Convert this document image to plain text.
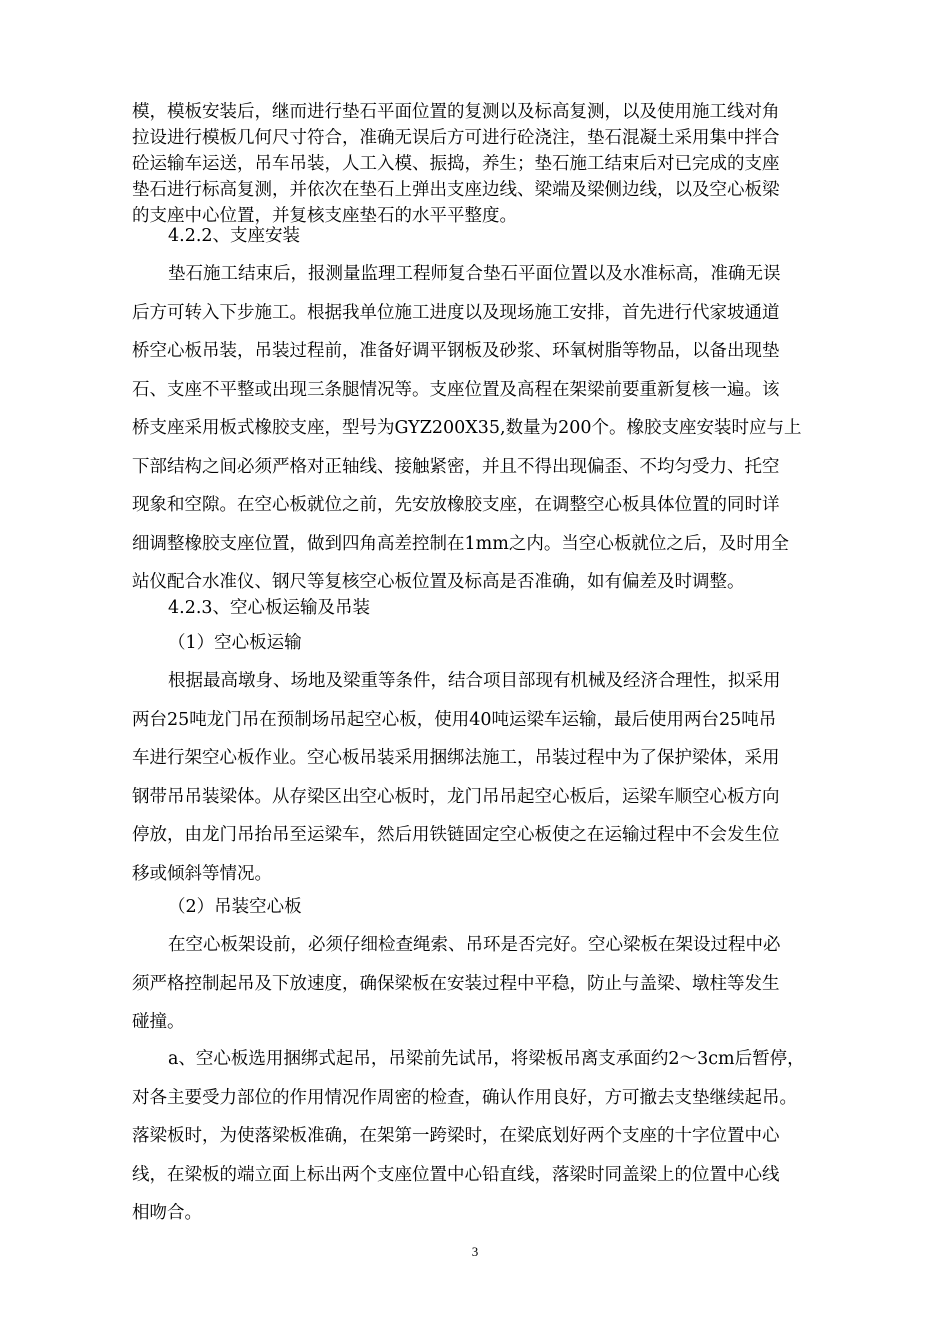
模，模板安装后，继而进行垫石平面位置的复测以及标高复测，以及使用施工线对角
拉设进行模板几何尺寸符合，准确无误后方可进行砼浇注，垫石混凝土采用集中拌合
砼运输车运送，吊车吊装，人工入模、振捣，养生；垫石施工结束后对已完成的支座
垫石进行标高复测，并依次在垫石上弹出支座边线、梁端及梁侧边线，以及空心板梁
的支座中心位置，并复核支座垫石的水平平整度。
4.2.2、支座安装
垫石施工结束后，报测量监理工程师复合垫石平面位置以及水准标高，准确无误
后方可转入下步施工。根据我单位施工进度以及现场施工安排，首先进行代家坡通道
桥空心板吊装，吊装过程前，准备好调平钢板及砂浆、环氧树脂等物品，以备出现垫
石、支座不平整或出现三条腿情况等。支座位置及高程在架梁前要重新复核一遍。该
桥支座采用板式橡胶支座，型号为GYZ200X35,数量为200个。橡胶支座安装时应与上
下部结构之间必须严格对正轴线、接触紧密，并且不得出现偏歪、不均匀受力、托空
现象和空隙。在空心板就位之前，先安放橡胶支座，在调整空心板具体位置的同时详
细调整橡胶支座位置，做到四角高差控制在1mm之内。当空心板就位之后，及时用全
站仪配合水准仪、钢尺等复核空心板位置及标高是否准确，如有偏差及时调整。
4.2.3、空心板运输及吊装
（1）空心板运输
根据最高墩身、场地及梁重等条件，结合项目部现有机械及经济合理性，拟采用
两台25吨龙门吊在预制场吊起空心板，使用40吨运梁车运输，最后使用两台25吨吊
车进行架空心板作业。空心板吊装采用捆绑法施工，吊装过程中为了保护梁体，采用
钢带吊吊装梁体。从存梁区出空心板时，龙门吊吊起空心板后，运梁车顺空心板方向
停放，由龙门吊抬吊至运梁车，然后用铁链固定空心板使之在运输过程中不会发生位
移或倾斜等情况。
（2）吊装空心板
在空心板架设前，必须仔细检查绳索、吊环是否完好。空心梁板在架设过程中必
须严格控制起吊及下放速度，确保梁板在安装过程中平稳，防止与盖梁、墩柱等发生
碰撞。
a、空心板选用捆绑式起吊，吊梁前先试吊，将梁板吊离支承面约2～3cm后暂停，
对各主要受力部位的作用情况作周密的检查，确认作用良好，方可撤去支垫继续起吊。
落梁板时，为使落梁板准确，在架第一跨梁时，在梁底划好两个支座的十字位置中心
线，在梁板的端立面上标出两个支座位置中心铅直线，落梁时同盖梁上的位置中心线
相吻合。
3
